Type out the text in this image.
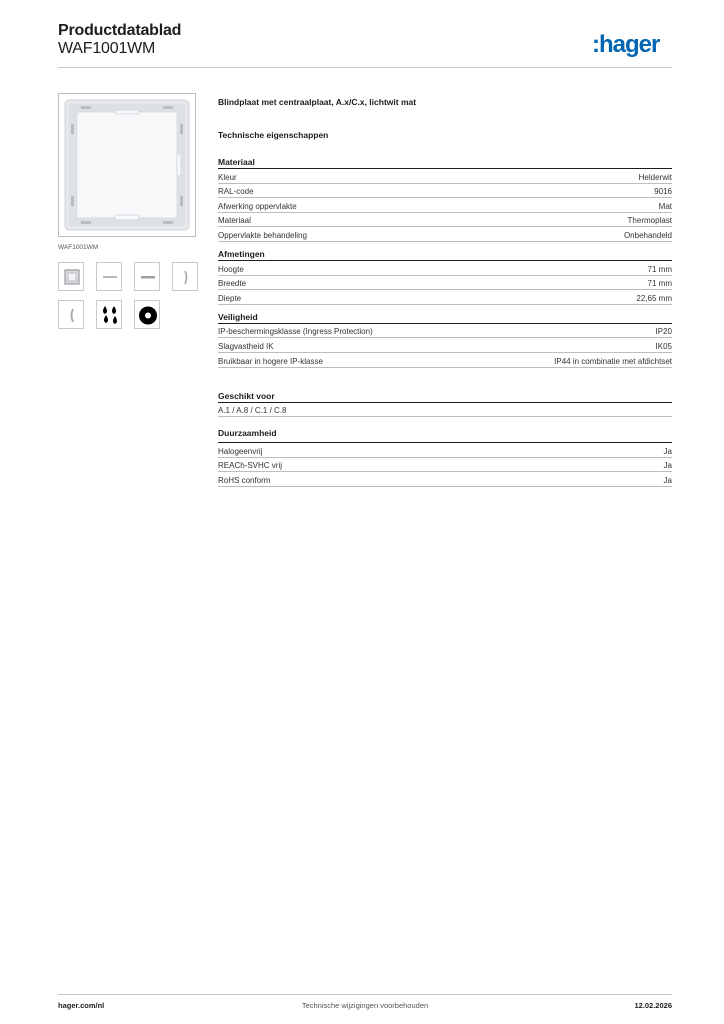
Productdatablad
WAF1001WM	:hager
WAF1001WM
Blindplaat met centraalplaat, A.x/C.x, lichtwit mat
Technische eigenschappen
Materiaal
Kleur	Helderwit
RAL-code	9016
Afwerking oppervlakte	Mat
Materiaal	Thermoplast
Oppervlakte behandeling	Onbehandeld
Afmetingen
Hoogte	71 mm
Breedte	71 mm
Diepte	22,65 mm
Veiligheid
IP-beschermingsklasse (Ingress Protection)	IP20
Slagvastheid IK	IK05
Bruikbaar in hogere IP-klasse	IP44 in combinatie met afdichtset
Geschikt voor
A.1 / A.8 / C.1 / C.8
Duurzaamheid
Halogeenvrij	Ja
REACh-SVHC vrij	Ja
RoHS conform	Ja
Technische wijzigingen voorbehouden
hager.com/nl	12.02.2026
